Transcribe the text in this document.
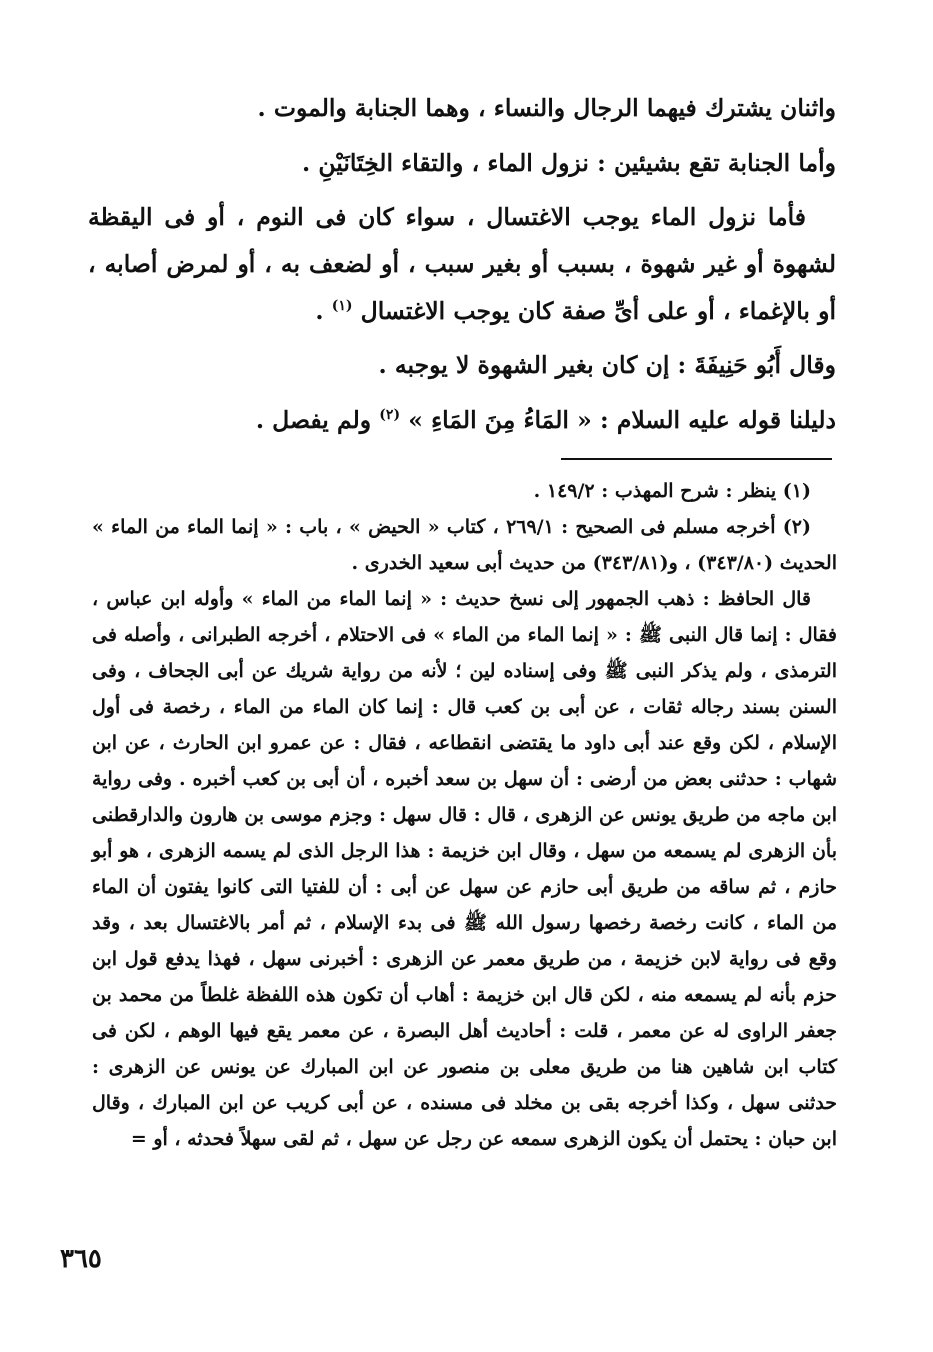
واثنان يشترك فيهما الرجال والنساء ، وهما الجنابة والموت .

وأما الجنابة تقع بشيئين : نزول الماء ، والتقاء الخِتَانَيْنِ .

فأما نزول الماء يوجب الاغتسال ، سواء كان فى النوم ، أو فى اليقظة لشهوة أو غير شهوة ، بسبب أو بغير سبب ، أو لضعف به ، أو لمرض أصابه ، أو بالإغماء ، أو على أىِّ صفة كان يوجب الاغتسال $^{(١)}$ .

وقال أَبُو حَنِيفَةَ : إن كان بغير الشهوة لا يوجبه .

دليلنا قوله عليه السلام : « المَاءُ مِنَ المَاءِ » $^{(٢)}$ ولم يفصل .

(١) ينظر : شرح المهذب : ١٤٩/٢ .

(٢) أخرجه مسلم فى الصحيح : ٢٦٩/١ ، كتاب « الحيض » ، باب : « إنما الماء من الماء » الحديث (٣٤٣/٨٠) ، و(٣٤٣/٨١) من حديث أبى سعيد الخدرى .

قال الحافظ : ذهب الجمهور إلى نسخ حديث : « إنما الماء من الماء » وأوله ابن عباس ، فقال : إنما قال النبى ﷺ : « إنما الماء من الماء » فى الاحتلام ، أخرجه الطبرانى ، وأصله فى الترمذى ، ولم يذكر النبى ﷺ وفى إسناده لين ؛ لأنه من رواية شريك عن أبى الجحاف ، وفى السنن بسند رجاله ثقات ، عن أبى بن كعب قال : إنما كان الماء من الماء ، رخصة فى أول الإسلام ، لكن وقع عند أبى داود ما يقتضى انقطاعه ، فقال : عن عمرو ابن الحارث ، عن ابن شهاب : حدثنى بعض من أرضى : أن سهل بن سعد أخبره ، أن أبى بن كعب أخبره . وفى رواية ابن ماجه من طريق يونس عن الزهرى ، قال : قال سهل : وجزم موسى بن هارون والدارقطنى بأن الزهرى لم يسمعه من سهل ، وقال ابن خزيمة : هذا الرجل الذى لم يسمه الزهرى ، هو أبو حازم ، ثم ساقه من طريق أبى حازم عن سهل عن أبى : أن للفتيا التى كانوا يفتون أن الماء من الماء ، كانت رخصة رخصها رسول الله ﷺ فى بدء الإسلام ، ثم أمر بالاغتسال بعد ، وقد وقع فى رواية لابن خزيمة ، من طريق معمر عن الزهرى : أخبرنى سهل ، فهذا يدفع قول ابن حزم بأنه لم يسمعه منه ، لكن قال ابن خزيمة : أهاب أن تكون هذه اللفظة غلطاً من محمد بن جعفر الراوى له عن معمر ، قلت : أحاديث أهل البصرة ، عن معمر يقع فيها الوهم ، لكن فى كتاب ابن شاهين هنا من طريق معلى بن منصور عن ابن المبارك عن يونس عن الزهرى : حدثنى سهل ، وكذا أخرجه بقى بن مخلد فى مسنده ، عن أبى كريب عن ابن المبارك ، وقال ابن حبان : يحتمل أن يكون الزهرى سمعه عن رجل عن سهل ، ثم لقى سهلاً فحدثه ، أو =

٣٦٥
